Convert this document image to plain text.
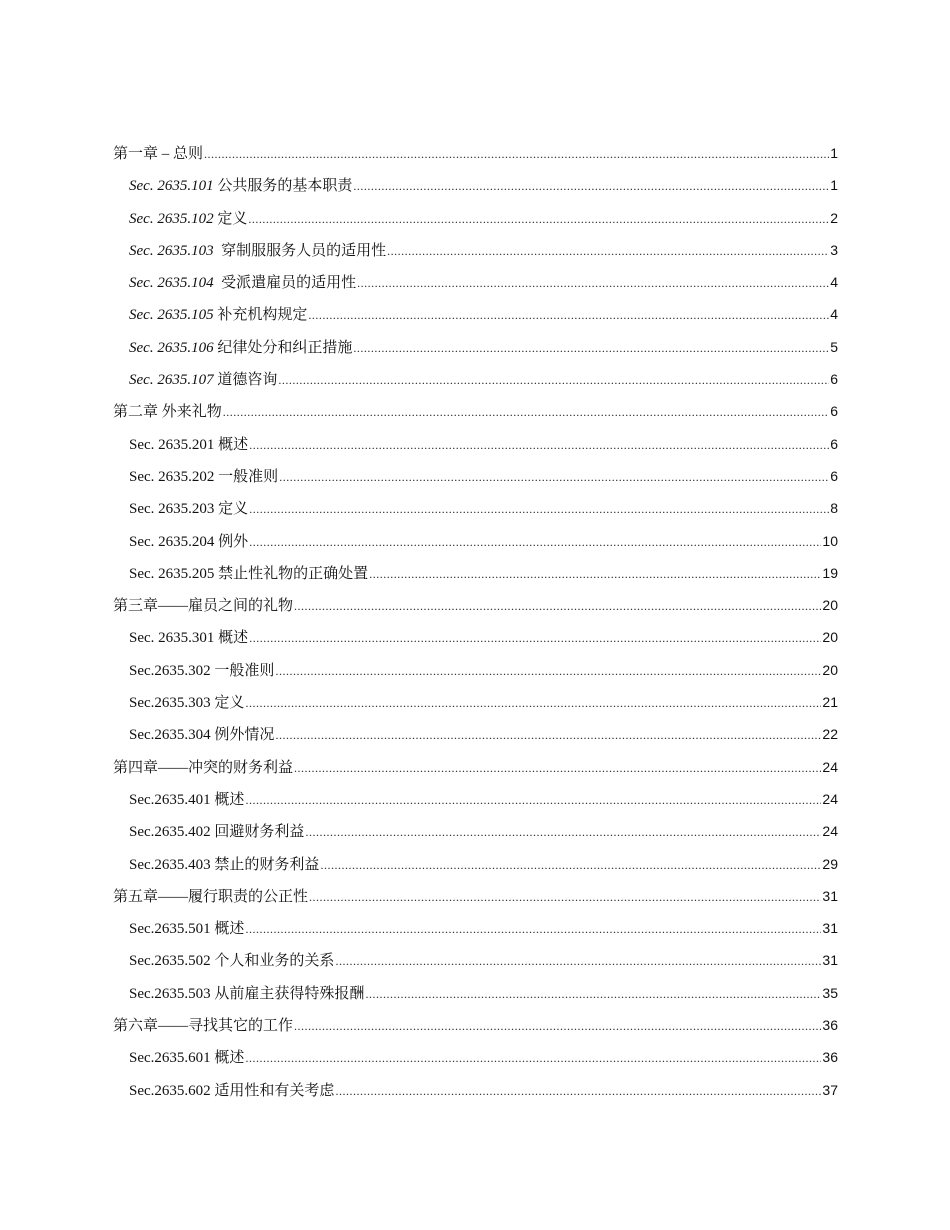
第一章 – 总则 .....	1
Sec. 2635.101 公共服务的基本职责 .....	1
Sec. 2635.102 定义 .....	2
Sec. 2635.103  穿制服服务人员的适用性 .....	3
Sec. 2635.104  受派遣雇员的适用性 .....	4
Sec. 2635.105 补充机构规定 .....	4
Sec. 2635.106 纪律处分和纠正措施 .....	5
Sec. 2635.107 道德咨询 .....	6
第二章 外来礼物 .....	6
Sec. 2635.201 概述 .....	6
Sec. 2635.202 一般准则 .....	6
Sec. 2635.203 定义 .....	8
Sec. 2635.204 例外 .....	10
Sec. 2635.205 禁止性礼物的正确处置 .....	19
第三章——雇员之间的礼物 .....	20
Sec. 2635.301 概述 .....	20
Sec.2635.302 一般准则 .....	20
Sec.2635.303 定义 .....	21
Sec.2635.304 例外情况 .....	22
第四章——冲突的财务利益 .....	24
Sec.2635.401 概述 .....	24
Sec.2635.402 回避财务利益 .....	24
Sec.2635.403 禁止的财务利益 .....	29
第五章——履行职责的公正性 .....	31
Sec.2635.501 概述 .....	31
Sec.2635.502 个人和业务的关系 .....	31
Sec.2635.503 从前雇主获得特殊报酬 .....	35
第六章——寻找其它的工作 .....	36
Sec.2635.601 概述 .....	36
Sec.2635.602 适用性和有关考虑 .....	37
